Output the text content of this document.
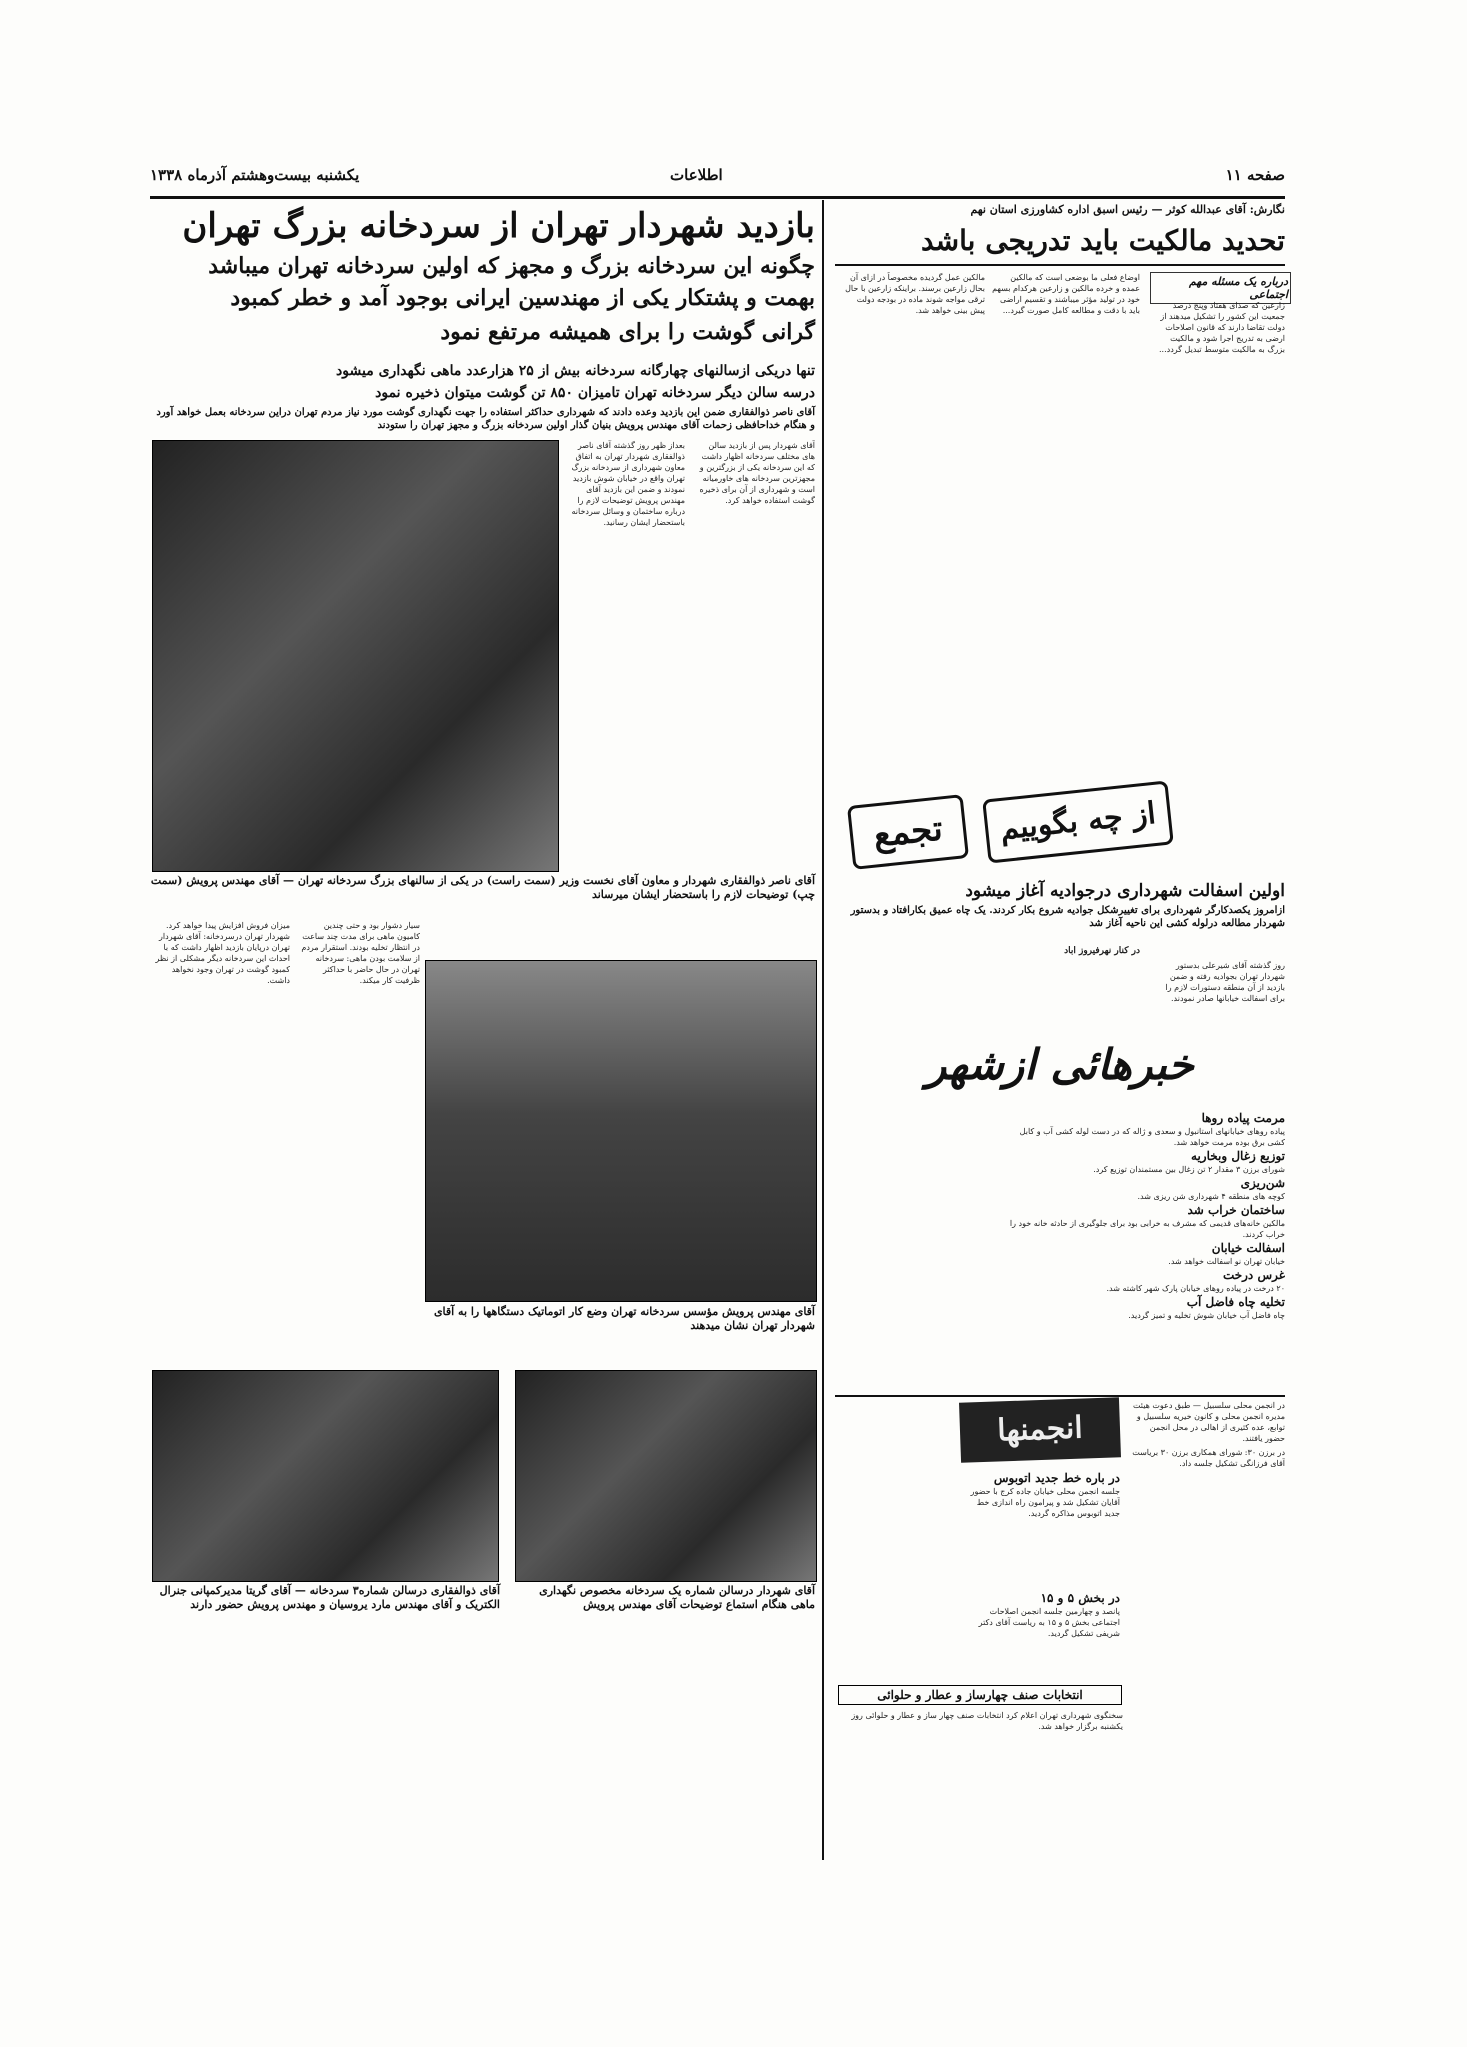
صفحه ۱۱
اطلاعات
یکشنبه بیست‌وهشتم آذرماه ۱۳۳۸
نگارش: آقای عبدالله کوثر — رئیس اسبق اداره کشاورزی استان نهم
تحدید مالکیت باید تدریجی باشد
درباره یک مسئله مهم اجتماعی

زارعین که صدای هفتاد وپنج درصد جمعیت این کشور را تشکیل میدهند از دولت تقاضا دارند که قانون اصلاحات ارضی به تدریج اجرا شود و مالکیت بزرگ به مالکیت متوسط تبدیل گردد...

اوضاع فعلی ما بوضعی است که مالکین عمده و خرده مالکین و زارعین هرکدام بسهم خود در تولید مؤثر میباشند و تقسیم اراضی باید با دقت و مطالعه کامل صورت گیرد...

مالکین عمل گردیده مخصوصاً در ازای آن بحال زارعین برسند. براینکه زارعین با حال ترقی مواجه شوند ماده در بودجه دولت پیش بینی خواهد شد.

از چه بگوییم
تجمع
بازدید شهردار تهران از سردخانه بزرگ تهران
چگونه این سردخانه بزرگ و مجهز که اولین سردخانه تهران میباشد
بهمت و پشتکار یکی از مهندسین ایرانی بوجود آمد و خطر کمبود
گرانی گوشت را برای همیشه مرتفع نمود
تنها دریکی ازسالنهای چهارگانه سردخانه بیش از ۲۵ هزارعدد ماهی نگهداری میشود
درسه سالن دیگر سردخانه تهران تامیزان ۸۵۰ تن گوشت میتوان ذخیره نمود
آقای ناصر ذوالفقاری ضمن این بازدید وعده دادند که شهرداری حداکثر استفاده را جهت نگهداری گوشت مورد نیاز مردم تهران دراین سردخانه بعمل خواهد آورد و هنگام خداحافظی زحمات آقای مهندس پرویش بنیان گذار اولین سردخانه بزرگ و مجهز تهران را ستودند

بعداز ظهر روز گذشته آقای ناصر ذوالفقاری شهردار تهران به اتفاق معاون شهرداری از سردخانه بزرگ تهران واقع در خیابان شوش بازدید نمودند و ضمن این بازدید آقای مهندس پرویش توضیحات لازم را درباره ساختمان و وسائل سردخانه باستحضار ایشان رسانید.

آقای شهردار پس از بازدید سالن های مختلف سردخانه اظهار داشت که این سردخانه یکی از بزرگترین و مجهزترین سردخانه های خاورمیانه است و شهرداری از آن برای ذخیره گوشت استفاده خواهد کرد.

آقای ناصر ذوالفقاری شهردار و معاون آقای نخست وزیر (سمت راست) در یکی از سالنهای بزرگ سردخانه تهران — آقای مهندس پرویش (سمت چپ) توضیحات لازم را باستحضار ایشان میرساند

میزان فروش افزایش پیدا خواهد کرد. شهردار تهران درسردخانه: آقای شهردار تهران درپایان بازدید اظهار داشت که با احداث این سردخانه دیگر مشکلی از نظر کمبود گوشت در تهران وجود نخواهد داشت.

سیار دشوار بود و حتی چندین کامیون ماهی برای مدت چند ساعت در انتظار تخلیه بودند. استقرار مردم از سلامت بودن ماهی: سردخانه تهران در حال حاضر با حداکثر ظرفیت کار میکند.

آقای مهندس پرویش مؤسس سردخانه تهران وضع کار اتوماتیک دستگاهها را به آقای شهردار تهران نشان میدهند
آقای ذوالفقاری درسالن شماره۳ سردخانه — آقای گریتا مدیرکمپانی جنرال الکتریک و آقای مهندس مارد یروسیان و مهندس پرویش حضور دارند
آقای شهردار درسالن شماره یک سردخانه مخصوص نگهداری ماهی هنگام استماع توضیحات آقای مهندس پرویش
اولین اسفالت شهرداری درجوادیه آغاز میشود
ازامروز یکصدکارگر شهرداری برای تغییرشکل جوادیه شروع بکار کردند. یک چاه عمیق بکارافتاد و بدستور شهردار مطالعه درلوله کشی این ناحیه آغاز شد
در کنار نهرفیروز آباد
روز گذشته آقای شیرعلی بدستور شهردار تهران بجوادیه رفته و ضمن بازدید از آن منطقه دستورات لازم را برای اسفالت خیابانها صادر نمودند.
خبرهائی ازشهر
مرمت پیاده روها
پیاده روهای خیابانهای استانبول و سعدی و ژاله که در دست لوله کشی آب و کابل کشی برق بوده مرمت خواهد شد.
توزیع زغال وبخاریه
شورای برزن ۳ مقدار ۲ تن زغال بین مستمندان توزیع کرد.
شن‌ریزی
کوچه های منطقه ۴ شهرداری شن ریزی شد.
ساختمان خراب شد
مالکین خانه‌های قدیمی که مشرف به خرابی بود برای جلوگیری از حادثه خانه خود را خراب کردند.
اسفالت خیابان
خیابان تهران نو اسفالت خواهد شد.
غرس درخت
۲۰ درخت در پیاده روهای خیابان پارک شهر کاشته شد.
تخلیه چاه فاضل آب
چاه فاضل آب خیابان شوش تخلیه و تمیز گردید.
انجمنها

در انجمن محلی سلسبیل — طبق دعوت هیئت مدیره انجمن محلی و کانون خیریه سلسبیل و توابع، عده کثیری از اهالی در محل انجمن حضور یافتند.

در برزن ۳۰: شورای همکاری برزن ۳۰ بریاست آقای فرزانگی تشکیل جلسه داد.

در باره خط جدید اتوبوس
جلسه انجمن محلی خیابان جاده کرج با حضور آقایان تشکیل شد و پیرامون راه اندازی خط جدید اتوبوس مذاکره گردید.
در بخش ۵ و ۱۵
پانصد و چهارمین جلسه انجمن اصلاحات اجتماعی بخش ۵ و ۱۵ به ریاست آقای دکتر شریفی تشکیل گردید.
انتخابات صنف چهارساز و عطار و حلوائی
سخنگوی شهرداری تهران اعلام کرد انتخابات صنف چهار ساز و عطار و حلوائی روز یکشنبه برگزار خواهد شد.
